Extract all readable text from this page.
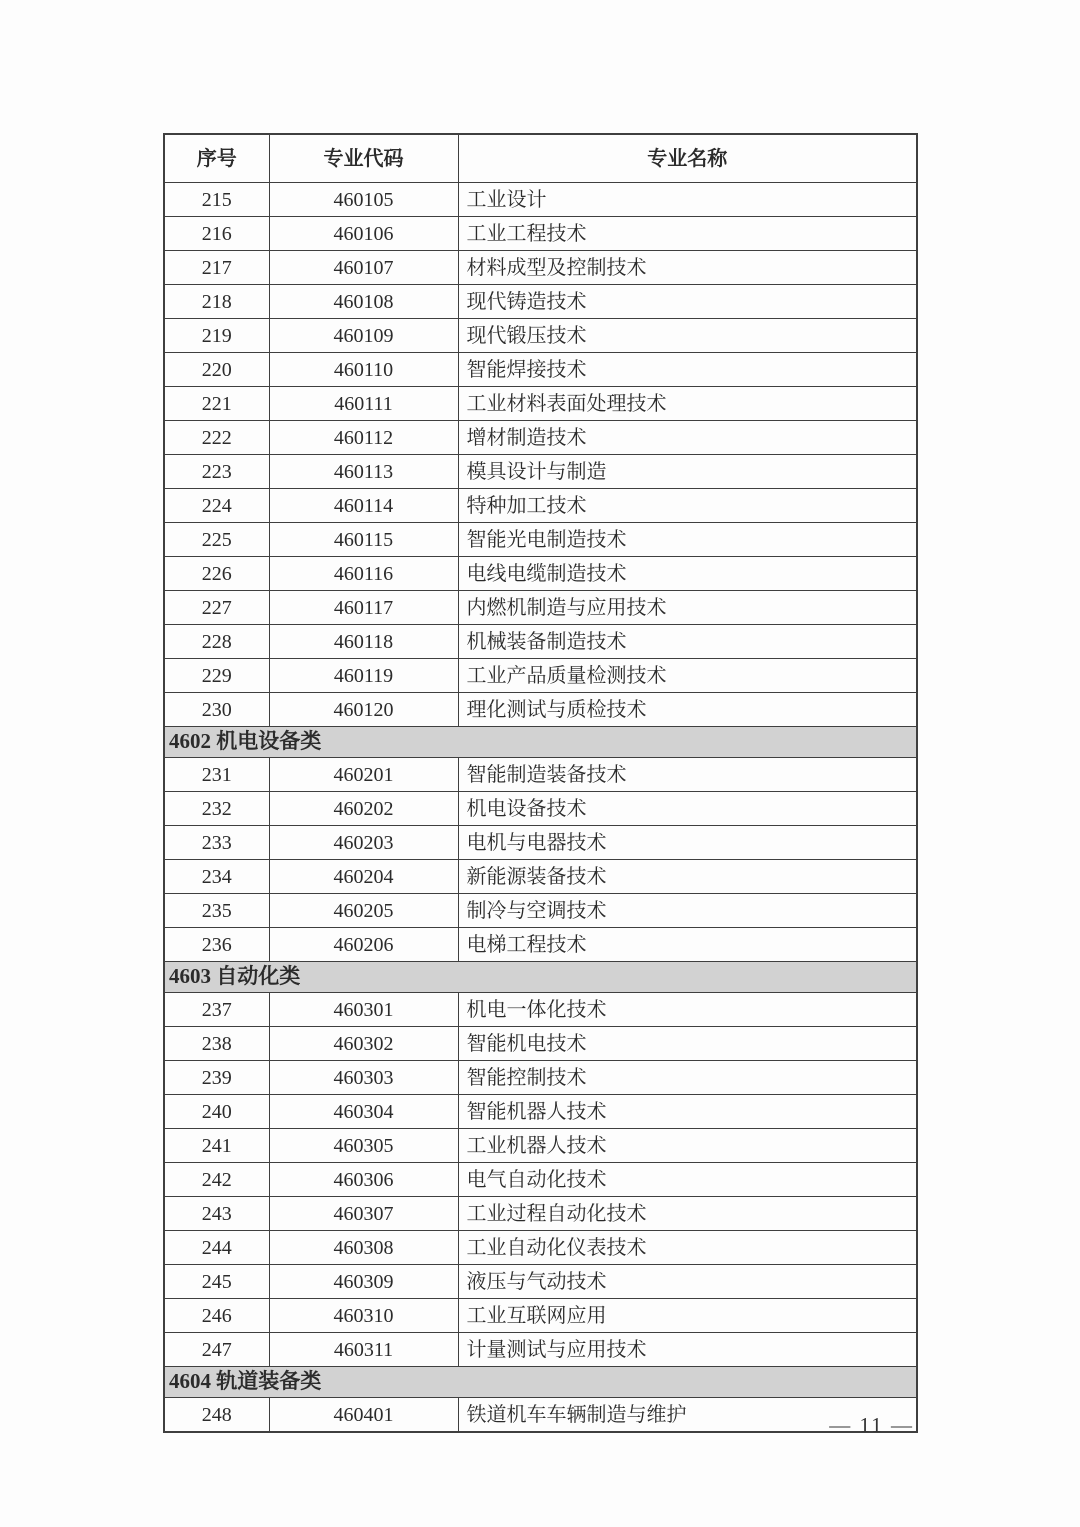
序号	专业代码	专业名称
215	460105	工业设计
216	460106	工业工程技术
217	460107	材料成型及控制技术
218	460108	现代铸造技术
219	460109	现代锻压技术
220	460110	智能焊接技术
221	460111	工业材料表面处理技术
222	460112	增材制造技术
223	460113	模具设计与制造
224	460114	特种加工技术
225	460115	智能光电制造技术
226	460116	电线电缆制造技术
227	460117	内燃机制造与应用技术
228	460118	机械装备制造技术
229	460119	工业产品质量检测技术
230	460120	理化测试与质检技术
4602 机电设备类		
231	460201	智能制造装备技术
232	460202	机电设备技术
233	460203	电机与电器技术
234	460204	新能源装备技术
235	460205	制冷与空调技术
236	460206	电梯工程技术
4603 自动化类		
237	460301	机电一体化技术
238	460302	智能机电技术
239	460303	智能控制技术
240	460304	智能机器人技术
241	460305	工业机器人技术
242	460306	电气自动化技术
243	460307	工业过程自动化技术
244	460308	工业自动化仪表技术
245	460309	液压与气动技术
246	460310	工业互联网应用
247	460311	计量测试与应用技术
4604 轨道装备类		
248	460401	铁道机车车辆制造与维护	— 11 —
